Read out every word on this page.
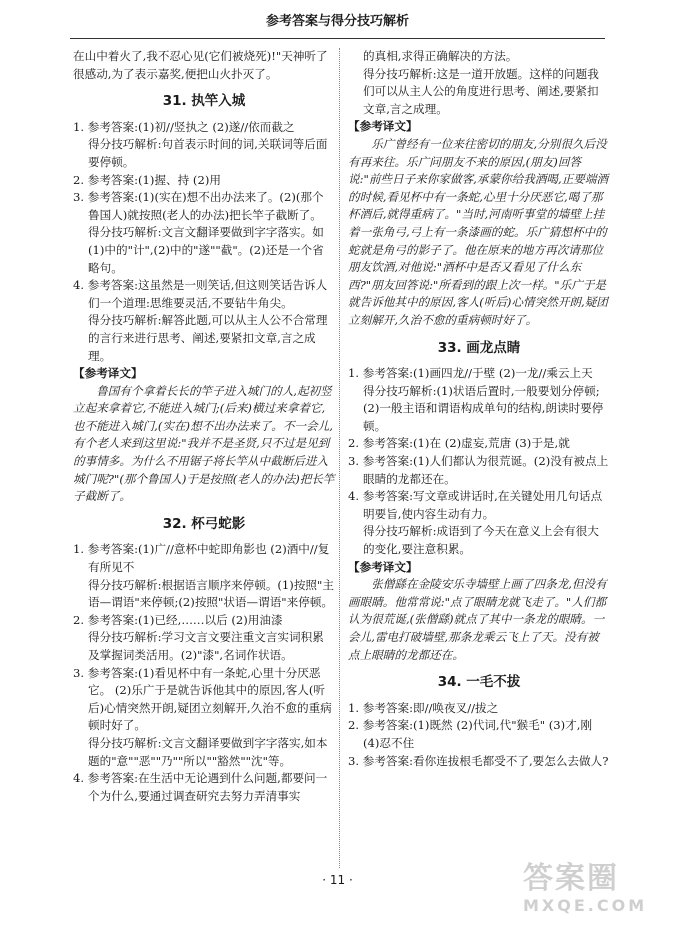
参考答案与得分技巧解析
在山中着火了,我不忍心见(它们被烧死)!"天神听了很感动,为了表示嘉奖,便把山火扑灭了。
31. 执竿入城
1. 参考答案:(1)初//竖执之 (2)遂//依而截之
得分技巧解析:句首表示时间的词,关联词等后面要停顿。
2. 参考答案:(1)握、持 (2)用
3. 参考答案:(1)(实在)想不出办法来了。(2)(那个鲁国人)就按照(老人的办法)把长竿子截断了。
得分技巧解析:文言文翻译要做到字字落实。如(1)中的"计",(2)中的"遂""截"。(2)还是一个省略句。
4. 参考答案:这虽然是一则笑话,但这则笑话告诉人们一个道理:思维要灵活,不要钻牛角尖。
得分技巧解析:解答此题,可以从主人公不合常理的言行来进行思考、阐述,要紧扣文章,言之成理。
【参考译文】
鲁国有个拿着长长的竿子进入城门的人,起初竖立起来拿着它,不能进入城门;(后来)横过来拿着它,也不能进入城门,(实在)想不出办法来了。不一会儿,有个老人来到这里说:"我并不是圣贤,只不过是见到的事情多。为什么不用锯子将长竿从中截断后进入城门呢?"(那个鲁国人)于是按照(老人的办法)把长竿子截断了。
32. 杯弓蛇影
1. 参考答案:(1)广//意杯中蛇即角影也 (2)酒中//复有所见不
得分技巧解析:根据语言顺序来停顿。(1)按照"主语—谓语"来停顿;(2)按照"状语—谓语"来停顿。
2. 参考答案:(1)已经,……以后 (2)用油漆
得分技巧解析:学习文言文要注重文言实词积累及掌握词类活用。(2)"漆",名词作状语。
3. 参考答案:(1)看见杯中有一条蛇,心里十分厌恶它。 (2)乐广于是就告诉他其中的原因,客人(听后)心情突然开朗,疑团立刻解开,久治不愈的重病顿时好了。
得分技巧解析:文言文翻译要做到字字落实,如本题的"意""恶""乃""所以""豁然""沈"等。
4. 参考答案:在生活中无论遇到什么问题,都要问一个为什么,要通过调查研究去努力弄清事实
的真相,求得正确解决的方法。
得分技巧解析:这是一道开放题。这样的问题我们可以从主人公的角度进行思考、阐述,要紧扣文章,言之成理。
【参考译文】
乐广曾经有一位来往密切的朋友,分别很久后没有再来往。乐广问朋友不来的原因,(朋友)回答说:"前些日子来你家做客,承蒙你给我酒喝,正要端酒的时候,看见杯中有一条蛇,心里十分厌恶它,喝了那杯酒后,就得重病了。"当时,河南听事堂的墙壁上挂着一张角弓,弓上有一条漆画的蛇。乐广猜想杯中的蛇就是角弓的影子了。他在原来的地方再次请那位朋友饮酒,对他说:"酒杯中是否又看见了什么东西?"朋友回答说:"所看到的跟上次一样。"乐广于是就告诉他其中的原因,客人(听后)心情突然开朗,疑团立刻解开,久治不愈的重病顿时好了。
33. 画龙点睛
1. 参考答案:(1)画四龙//于壁 (2)一龙//乘云上天
得分技巧解析:(1)状语后置时,一般要划分停顿;(2)一般主语和谓语构成单句的结构,朗读时要停顿。
2. 参考答案:(1)在 (2)虚妄,荒唐 (3)于是,就
3. 参考答案:(1)人们都认为很荒诞。(2)没有被点上眼睛的龙都还在。
4. 参考答案:写文章或讲话时,在关键处用几句话点明要旨,使内容生动有力。
得分技巧解析:成语到了今天在意义上会有很大的变化,要注意积累。
【参考译文】
张僧繇在金陵安乐寺墙壁上画了四条龙,但没有画眼睛。他常常说:"点了眼睛龙就飞走了。"人们都认为很荒诞,(张僧繇)就点了其中一条龙的眼睛。一会儿,雷电打破墙壁,那条龙乘云飞上了天。没有被点上眼睛的龙都还在。
34. 一毛不拔
1. 参考答案:即//唤夜叉//拔之
2. 参考答案:(1)既然 (2)代词,代"猴毛" (3)才,刚 (4)忍不住
3. 参考答案:看你连拔根毛都受不了,要怎么去做人?
· 11 ·	答案圈
MXQE.COM
